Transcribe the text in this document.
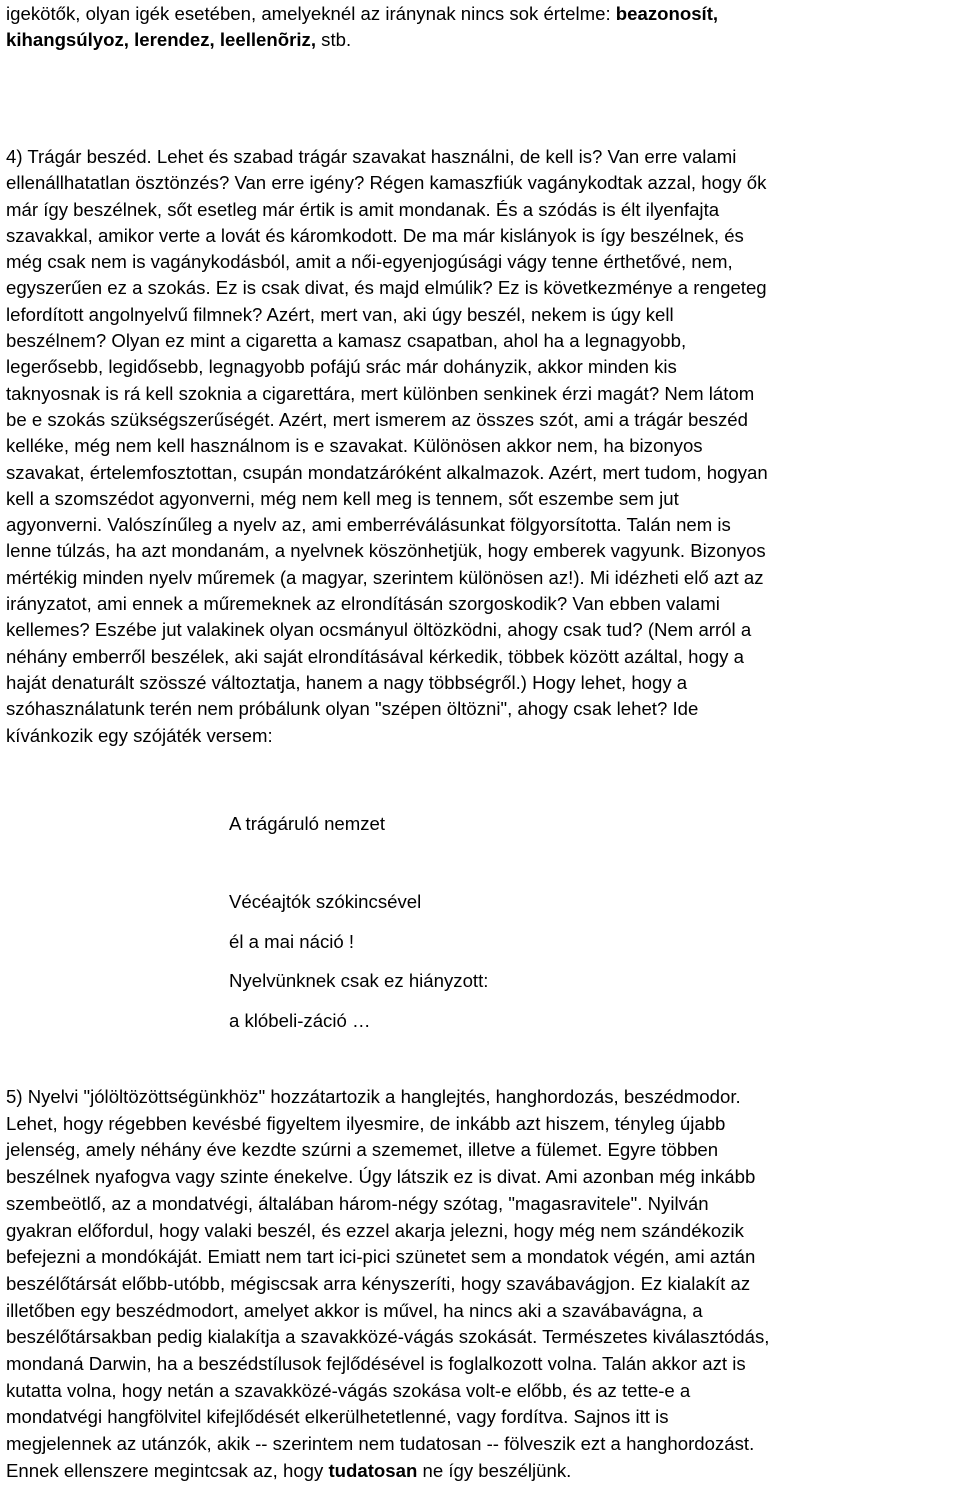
igekötők, olyan igék esetében, amelyeknél az iránynak nincs sok értelme: beazonosít,
kihangsúlyoz, lerendez, leellenõriz, stb.
4) Trágár beszéd. Lehet és szabad trágár szavakat használni, de kell is? Van erre valami
ellenállhatatlan ösztönzés? Van erre igény? Régen kamaszfiúk vagánykodtak azzal, hogy ők
már így beszélnek, sőt esetleg már értik is amit mondanak. És a szódás is élt ilyenfajta
szavakkal, amikor verte a lovát és káromkodott. De ma már kislányok is így beszélnek, és
még csak nem is vagánykodásból, amit a női-egyenjogúsági vágy tenne érthetővé, nem,
egyszerűen ez a szokás. Ez is csak divat, és majd elmúlik? Ez is következménye a rengeteg
lefordított angolnyelvű filmnek? Azért, mert van, aki úgy beszél, nekem is úgy kell
beszélnem? Olyan ez mint a cigaretta a kamasz csapatban, ahol ha a legnagyobb,
legerősebb, legidősebb, legnagyobb pofájú srác már dohányzik, akkor minden kis
taknyosnak is rá kell szoknia a cigarettára, mert különben senkinek érzi magát? Nem látom
be e szokás szükségszerűségét. Azért, mert ismerem az összes szót, ami a trágár beszéd
kelléke, még nem kell használnom is e szavakat. Különösen akkor nem, ha bizonyos
szavakat, értelemfosztottan, csupán mondatzáróként alkalmazok. Azért, mert tudom, hogyan
kell a szomszédot agyonverni, még nem kell meg is tennem, sőt eszembe sem jut
agyonverni. Valószínűleg a nyelv az, ami emberréválásunkat fölgyorsította. Talán nem is
lenne túlzás, ha azt mondanám, a nyelvnek köszönhetjük, hogy emberek vagyunk. Bizonyos
mértékig minden nyelv műremek (a magyar, szerintem különösen az!). Mi idézheti elő azt az
irányzatot, ami ennek a műremeknek az elrondításán szorgoskodik? Van ebben valami
kellemes? Eszébe jut valakinek olyan ocsmányul öltözködni, ahogy csak tud? (Nem arról a
néhány emberről beszélek, aki saját elrondításával kérkedik, többek között azáltal, hogy a
haját denaturált szösszé változtatja, hanem a nagy többségről.) Hogy lehet, hogy a
szóhasználatunk terén nem próbálunk olyan "szépen öltözni", ahogy csak lehet? Ide
kívánkozik egy szójáték versem:
A trágáruló nemzet
Vécéajtók szókincsével
él a mai náció !
Nyelvünknek csak ez hiányzott:
a klóbeli-záció …
5) Nyelvi "jólöltözöttségünkhöz" hozzátartozik a hanglejtés, hanghordozás, beszédmodor.
Lehet, hogy régebben kevésbé figyeltem ilyesmire, de inkább azt hiszem, tényleg újabb
jelenség, amely néhány éve kezdte szúrni a szememet, illetve a fülemet. Egyre többen
beszélnek nyafogva vagy szinte énekelve. Úgy látszik ez is divat. Ami azonban még inkább
szembeötlő, az a mondatvégi, általában három-négy szótag, "magasravitele". Nyilván
gyakran előfordul, hogy valaki beszél, és ezzel akarja jelezni, hogy még nem szándékozik
befejezni a mondókáját. Emiatt nem tart ici-pici szünetet sem a mondatok végén, ami aztán
beszélőtársát előbb-utóbb, mégiscsak arra kényszeríti, hogy szavábavágjon. Ez kialakít az
illetőben egy beszédmodort, amelyet akkor is művel, ha nincs aki a szavábavágna, a
beszélőtársakban pedig kialakítja a szavakközé-vágás szokását. Természetes kiválasztódás,
mondaná Darwin, ha a beszédstílusok fejlődésével is foglalkozott volna. Talán akkor azt is
kutatta volna, hogy netán a szavakközé-vágás szokása volt-e előbb, és az tette-e a
mondatvégi hangfölvitel kifejlődését elkerülhetetlenné, vagy fordítva. Sajnos itt is
megjelennek az utánzók, akik -- szerintem nem tudatosan -- fölveszik ezt a hanghordozást.
Ennek ellenszere megintcsak az, hogy tudatosan ne így beszéljünk.
